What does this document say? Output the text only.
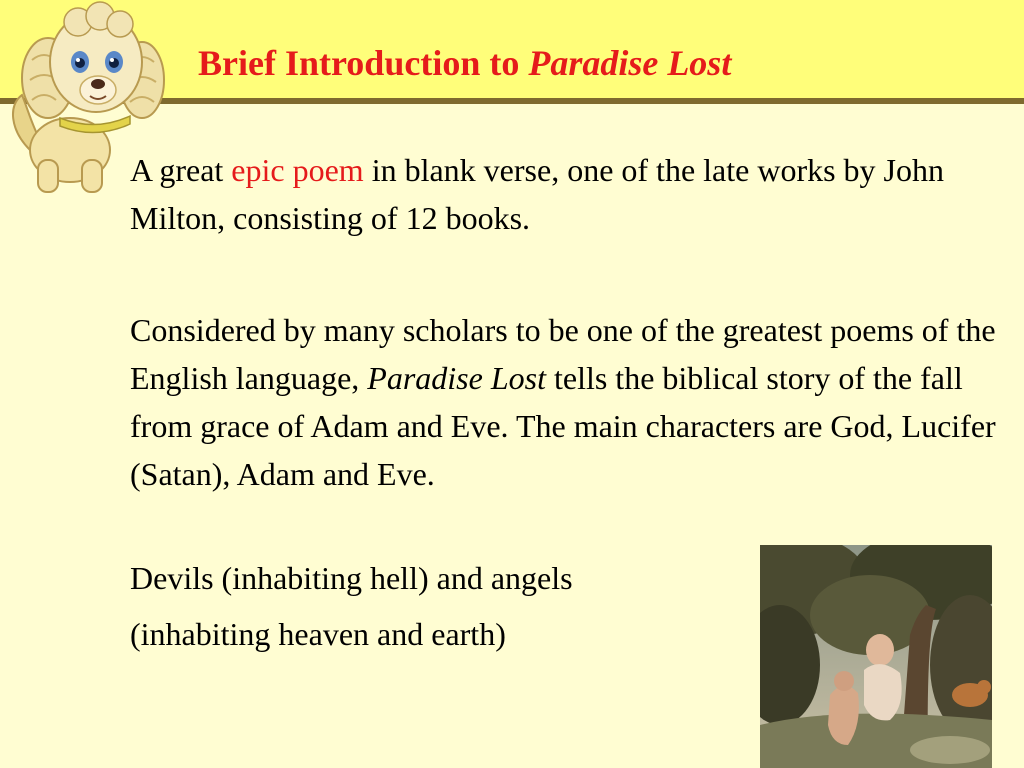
Brief Introduction to Paradise Lost

A great epic poem in blank verse, one of the late works by John Milton, consisting of 12 books.

Considered by many scholars to be one of the greatest poems of the English language, Paradise Lost tells the biblical story of the fall from grace of Adam and Eve. The main characters are God, Lucifer (Satan), Adam and Eve.

Devils (inhabiting hell) and angels

(inhabiting heaven and earth)
